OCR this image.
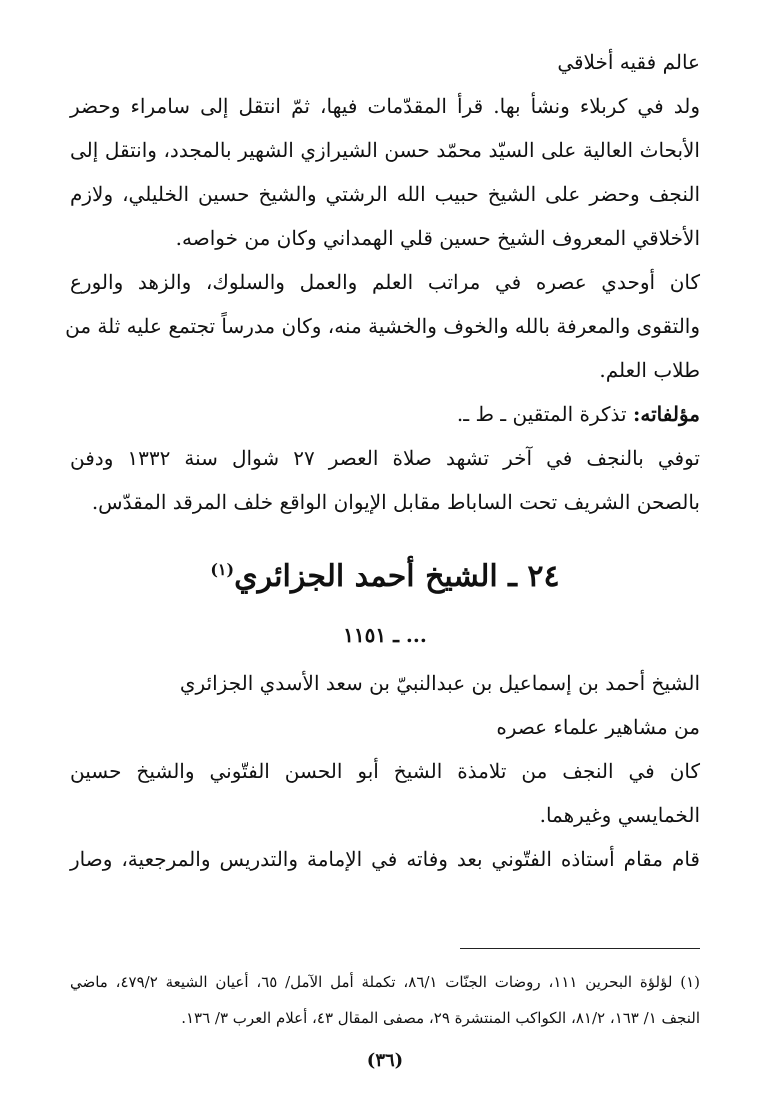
عالم فقيه أخلاقي
ولد في كربلاء ونشأ بها. قرأ المقدّمات فيها، ثمّ انتقل إلى سامراء وحضر
الأبحاث العالية على السيّد محمّد حسن الشيرازي الشهير بالمجدد، وانتقل إلى
النجف وحضر على الشيخ حبيب الله الرشتي والشيخ حسين الخليلي، ولازم
الأخلاقي المعروف الشيخ حسين قلي الهمداني وكان من خواصه.
كان أوحدي عصره في مراتب العلم والعمل والسلوك، والزهد والورع
والتقوى والمعرفة بالله والخوف والخشية منه، وكان مدرساً تجتمع عليه ثلة من
طلاب العلم.
مؤلفاته: تذكرة المتقين ـ ط ـ.
توفي بالنجف في آخر تشهد صلاة العصر ٢٧ شوال سنة ١٣٣٢ ودفن
بالصحن الشريف تحت الساباط مقابل الإيوان الواقع خلف المرقد المقدّس.
٢٤ ـ الشيخ أحمد الجزائري$^{(١)}$
... ـ ١١٥١
الشيخ أحمد بن إسماعيل بن عبدالنبيّ بن سعد الأسدي الجزائري
من مشاهير علماء عصره
كان في النجف من تلامذة الشيخ أبو الحسن الفتّوني والشيخ حسين
الخمايسي وغيرهما.
قام مقام أستاذه الفتّوني بعد وفاته في الإمامة والتدريس والمرجعية، وصار
(١) لؤلؤة البحرين ١١١، روضات الجنّات ٨٦/١، تكملة أمل الآمل/ ٦٥، أعيان الشيعة ٤٧٩/٢، ماضي
النجف ١/ ١٦٣، ٨١/٢، الكواكب المنتشرة ٢٩، مصفى المقال ٤٣، أعلام العرب ٣/ ١٣٦.
(٣٦)
